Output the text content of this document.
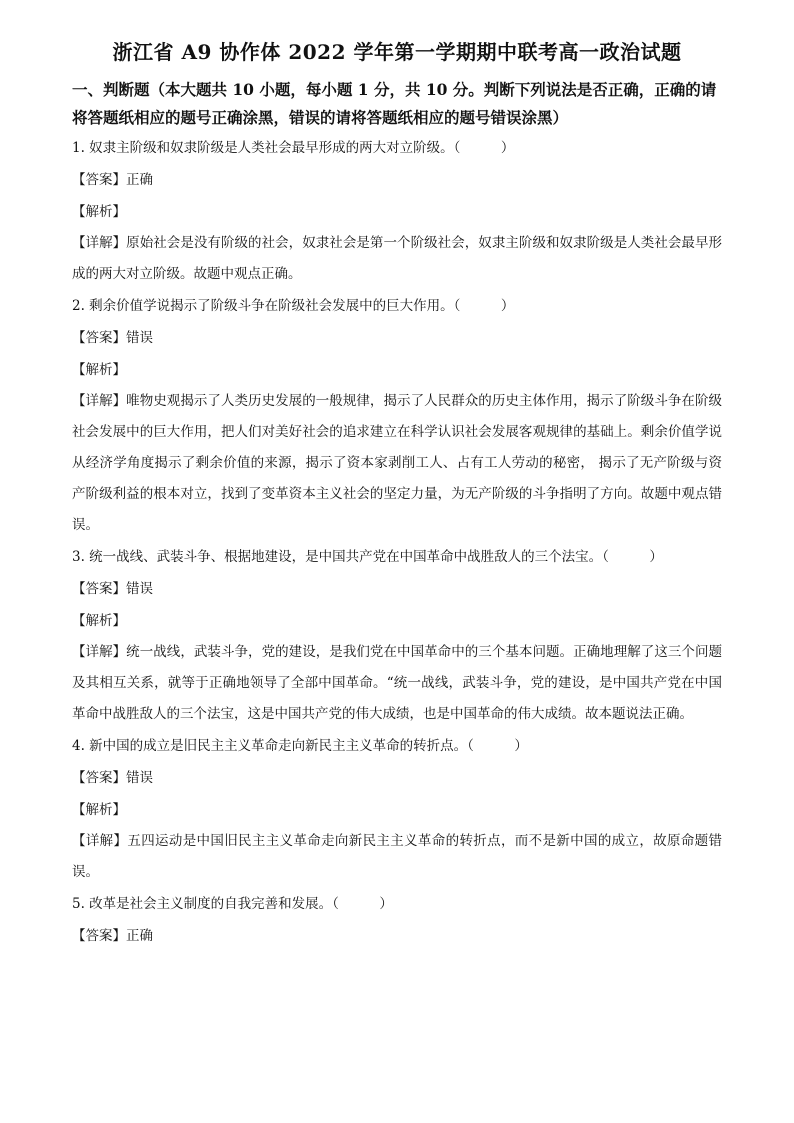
浙江省 A9 协作体 2022 学年第一学期期中联考高一政治试题
一、判断题（本大题共 10 小题，每小题 1 分，共 10 分。判断下列说法是否正确，正确的请将答题纸相应的题号正确涂黑，错误的请将答题纸相应的题号错误涂黑）
1. 奴隶主阶级和奴隶阶级是人类社会最早形成的两大对立阶级。（　　　）
【答案】正确
【解析】
【详解】原始社会是没有阶级的社会，奴隶社会是第一个阶级社会，奴隶主阶级和奴隶阶级是人类社会最早形成的两大对立阶级。故题中观点正确。
2. 剩余价值学说揭示了阶级斗争在阶级社会发展中的巨大作用。（　　　）
【答案】错误
【解析】
【详解】唯物史观揭示了人类历史发展的一般规律，揭示了人民群众的历史主体作用，揭示了阶级斗争在阶级社会发展中的巨大作用，把人们对美好社会的追求建立在科学认识社会发展客观规律的基础上。剩余价值学说从经济学角度揭示了剩余价值的来源，揭示了资本家剥削工人、占有工人劳动的秘密， 揭示了无产阶级与资产阶级利益的根本对立，找到了变革资本主义社会的坚定力量，为无产阶级的斗争指明了方向。故题中观点错误。
3. 统一战线、武装斗争、根据地建设，是中国共产党在中国革命中战胜敌人的三个法宝。（　　　）
【答案】错误
【解析】
【详解】统一战线，武装斗争，党的建设，是我们党在中国革命中的三个基本问题。正确地理解了这三个问题及其相互关系，就等于正确地领导了全部中国革命。“统一战线，武装斗争，党的建设，是中国共产党在中国革命中战胜敌人的三个法宝，这是中国共产党的伟大成绩，也是中国革命的伟大成绩。故本题说法正确。
4. 新中国的成立是旧民主主义革命走向新民主主义革命的转折点。（　　　）
【答案】错误
【解析】
【详解】五四运动是中国旧民主主义革命走向新民主主义革命的转折点，而不是新中国的成立，故原命题错误。
5. 改革是社会主义制度的自我完善和发展。（　　　）
【答案】正确
